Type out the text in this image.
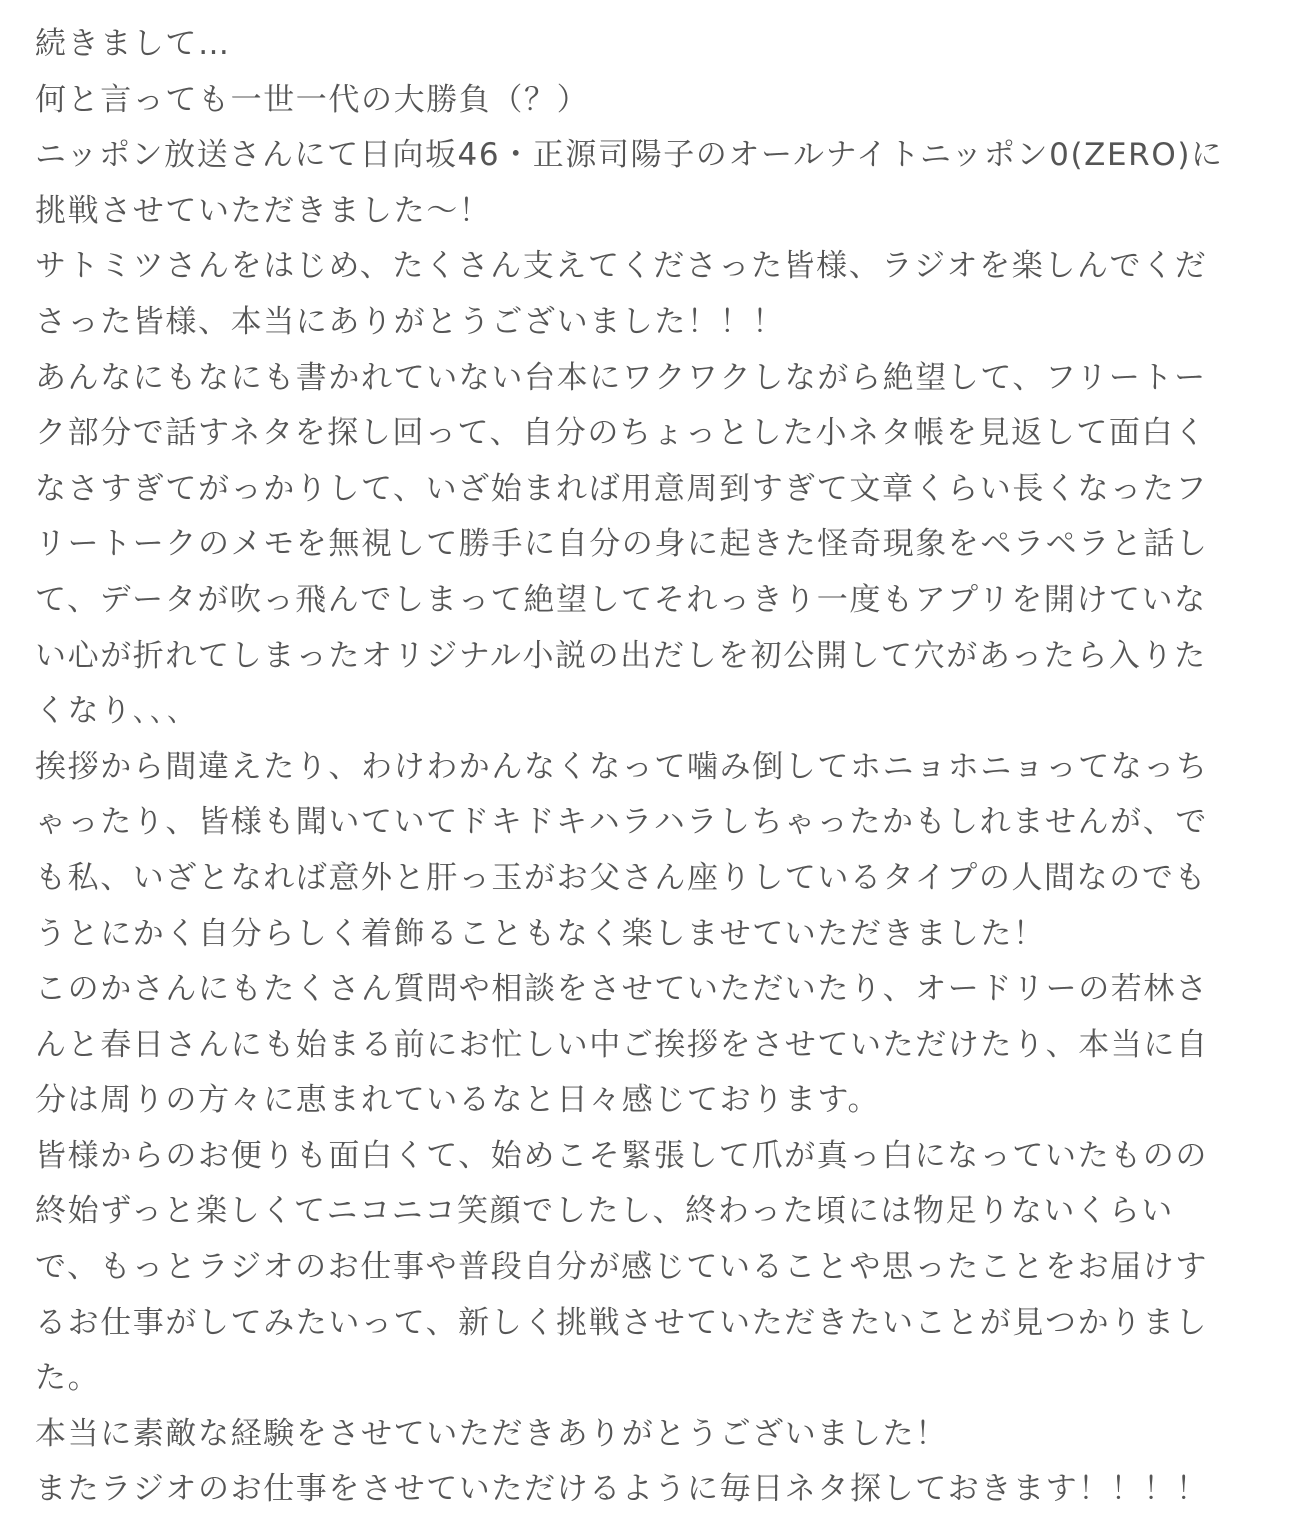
続きまして…
何と言っても一世一代の大勝負（？）
ニッポン放送さんにて日向坂46・正源司陽子のオールナイトニッポン0(ZERO)に
挑戦させていただきました〜！
サトミツさんをはじめ、たくさん支えてくださった皆様、ラジオを楽しんでくだ
さった皆様、本当にありがとうございました！！！
あんなにもなにも書かれていない台本にワクワクしながら絶望して、フリートー
ク部分で話すネタを探し回って、自分のちょっとした小ネタ帳を見返して面白く
なさすぎてがっかりして、いざ始まれば用意周到すぎて文章くらい長くなったフ
リートークのメモを無視して勝手に自分の身に起きた怪奇現象をペラペラと話し
て、データが吹っ飛んでしまって絶望してそれっきり一度もアプリを開けていな
い心が折れてしまったオリジナル小説の出だしを初公開して穴があったら入りた
くなり､､､
挨拶から間違えたり、わけわかんなくなって噛み倒してホニョホニョってなっち
ゃったり、皆様も聞いていてドキドキハラハラしちゃったかもしれませんが、で
も私、いざとなれば意外と肝っ玉がお父さん座りしているタイプの人間なのでも
うとにかく自分らしく着飾ることもなく楽しませていただきました！
このかさんにもたくさん質問や相談をさせていただいたり、オードリーの若林さ
んと春日さんにも始まる前にお忙しい中ご挨拶をさせていただけたり、本当に自
分は周りの方々に恵まれているなと日々感じております。
皆様からのお便りも面白くて、始めこそ緊張して爪が真っ白になっていたものの
終始ずっと楽しくてニコニコ笑顔でしたし、終わった頃には物足りないくらい
で、もっとラジオのお仕事や普段自分が感じていることや思ったことをお届けす
るお仕事がしてみたいって、新しく挑戦させていただきたいことが見つかりまし
た。
本当に素敵な経験をさせていただきありがとうございました！
またラジオのお仕事をさせていただけるように毎日ネタ探しておきます！！！！
